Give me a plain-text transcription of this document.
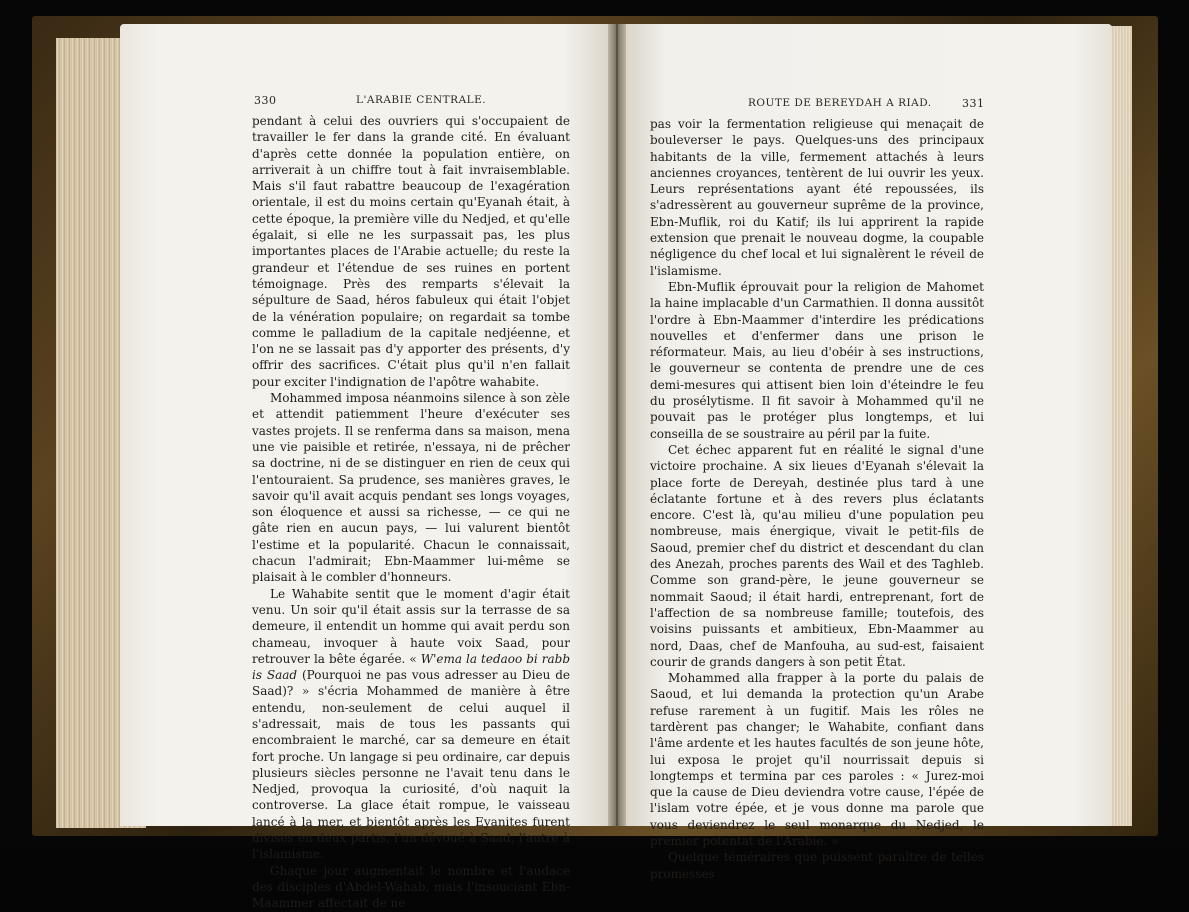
330	L'ARABIE CENTRALE.

pendant à celui des ouvriers qui s'occupaient de travailler le fer dans la grande cité. En évaluant d'après cette donnée la population entière, on arriverait à un chiffre tout à fait invraisemblable. Mais s'il faut rabattre beaucoup de l'exagération orientale, il est du moins certain qu'Eyanah était, à cette époque, la première ville du Nedjed, et qu'elle égalait, si elle ne les surpassait pas, les plus importantes places de l'Arabie actuelle; du reste la grandeur et l'étendue de ses ruines en portent témoignage. Près des remparts s'élevait la sépulture de Saad, héros fabuleux qui était l'objet de la vénération populaire; on regardait sa tombe comme le palladium de la capitale nedjéenne, et l'on ne se lassait pas d'y apporter des présents, d'y offrir des sacrifices. C'était plus qu'il n'en fallait pour exciter l'indignation de l'apôtre wahabite.

Mohammed imposa néanmoins silence à son zèle et attendit patiemment l'heure d'exécuter ses vastes projets. Il se renferma dans sa maison, mena une vie paisible et retirée, n'essaya, ni de prêcher sa doctrine, ni de se distinguer en rien de ceux qui l'entouraient. Sa prudence, ses manières graves, le savoir qu'il avait acquis pendant ses longs voyages, son éloquence et aussi sa richesse, — ce qui ne gâte rien en aucun pays, — lui valurent bientôt l'estime et la popularité. Chacun le connaissait, chacun l'admirait; Ebn-Maammer lui-même se plaisait à le combler d'honneurs.

Le Wahabite sentit que le moment d'agir était venu. Un soir qu'il était assis sur la terrasse de sa demeure, il entendit un homme qui avait perdu son chameau, invoquer à haute voix Saad, pour retrouver la bête égarée. « W'ema la tedaoo bi rabb is Saad (Pourquoi ne pas vous adresser au Dieu de Saad)? » s'écria Mohammed de manière à être entendu, non-seulement de celui auquel il s'adressait, mais de tous les passants qui encombraient le marché, car sa demeure en était fort proche. Un langage si peu ordinaire, car depuis plusieurs siècles personne ne l'avait tenu dans le Nedjed, provoqua la curiosité, d'où naquit la controverse. La glace était rompue, le vaisseau lancé à la mer, et bientôt après les Eyanites furent divisés en deux partis, l'un dévoué à Saad, l'autre à l'islamisme.

Ghaque jour augmentait le nombre et l'audace des disciples d'Abdel-Wahab, mais l'insouciant Ebn-Maammer affectait de ne

ROUTE DE BEREYDAH A RIAD.	331

pas voir la fermentation religieuse qui menaçait de bouleverser le pays. Quelques-uns des principaux habitants de la ville, fermement attachés à leurs anciennes croyances, tentèrent de lui ouvrir les yeux. Leurs représentations ayant été repoussées, ils s'adressèrent au gouverneur suprême de la province, Ebn-Muflik, roi du Katif; ils lui apprirent la rapide extension que prenait le nouveau dogme, la coupable négligence du chef local et lui signalèrent le réveil de l'islamisme.

Ebn-Muflik éprouvait pour la religion de Mahomet la haine implacable d'un Carmathien. Il donna aussitôt l'ordre à Ebn-Maammer d'interdire les prédications nouvelles et d'enfermer dans une prison le réformateur. Mais, au lieu d'obéir à ses instructions, le gouverneur se contenta de prendre une de ces demi-mesures qui attisent bien loin d'éteindre le feu du prosélytisme. Il fit savoir à Mohammed qu'il ne pouvait pas le protéger plus longtemps, et lui conseilla de se soustraire au péril par la fuite.

Cet échec apparent fut en réalité le signal d'une victoire prochaine. A six lieues d'Eyanah s'élevait la place forte de Dereyah, destinée plus tard à une éclatante fortune et à des revers plus éclatants encore. C'est là, qu'au milieu d'une population peu nombreuse, mais énergique, vivait le petit-fils de Saoud, premier chef du district et descendant du clan des Anezah, proches parents des Wail et des Taghleb. Comme son grand-père, le jeune gouverneur se nommait Saoud; il était hardi, entreprenant, fort de l'affection de sa nombreuse famille; toutefois, des voisins puissants et ambitieux, Ebn-Maammer au nord, Daas, chef de Manfouha, au sud-est, faisaient courir de grands dangers à son petit État.

Mohammed alla frapper à la porte du palais de Saoud, et lui demanda la protection qu'un Arabe refuse rarement à un fugitif. Mais les rôles ne tardèrent pas changer; le Wahabite, confiant dans l'âme ardente et les hautes facultés de son jeune hôte, lui exposa le projet qu'il nourrissait depuis si longtemps et termina par ces paroles : « Jurez-moi que la cause de Dieu deviendra votre cause, l'épée de l'islam votre épée, et je vous donne ma parole que vous deviendrez le seul monarque du Nedjed, le premier potentat de l'Arabie. »

Quelque téméraires que puissent paraître de telles promesses
